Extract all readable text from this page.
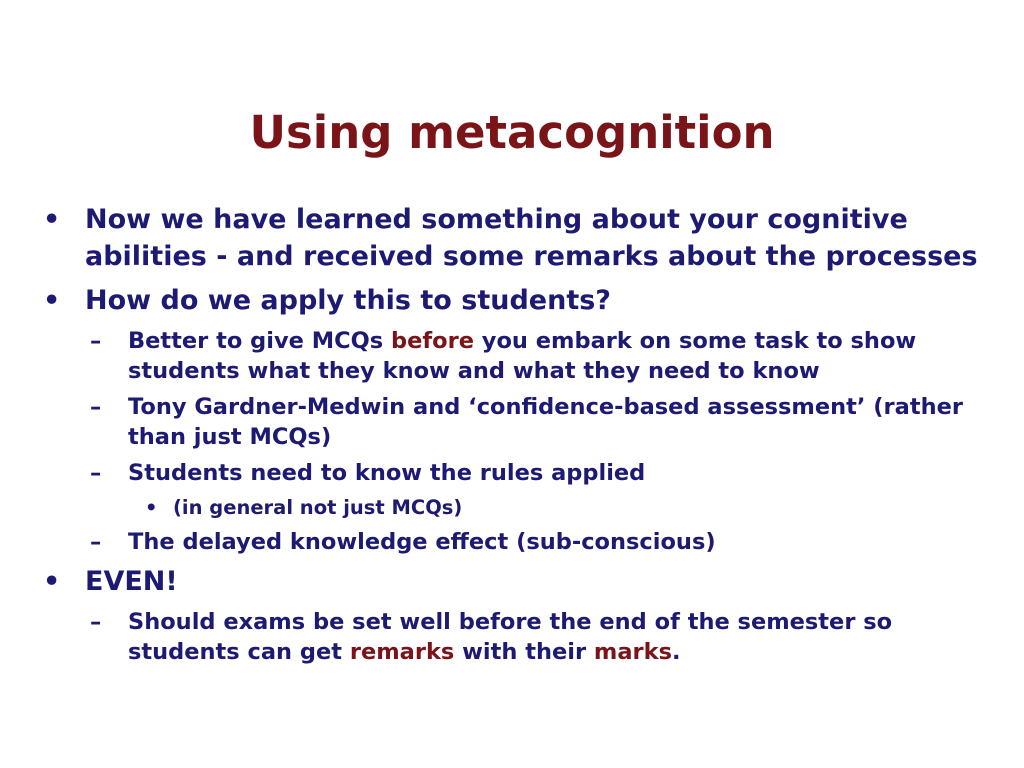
Using metacognition
• Now we have learned something about your cognitive abilities - and received some remarks about the processes
• How do we apply this to students?
– Better to give MCQs before you embark on some task to show students what they know and what they need to know
– Tony Gardner-Medwin and ‘confidence-based assessment’ (rather than just MCQs)
– Students need to know the rules applied
• (in general not just MCQs)
– The delayed knowledge effect (sub-conscious)
• EVEN!
– Should exams be set well before the end of the semester so students can get remarks with their marks.
